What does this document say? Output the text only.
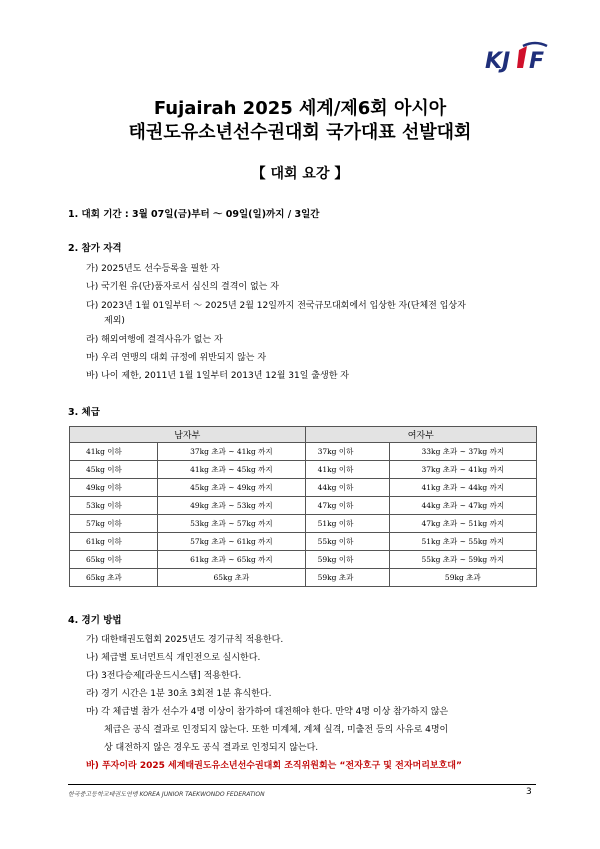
KJ F
Fujairah 2025 세계/제6회 아시아
태권도유소년선수권대회 국가대표 선발대회
【 대회 요강 】
1. 대회 기간 : 3월 07일(금)부터 ～ 09일(일)까지 / 3일간
2. 참가 자격
가) 2025년도 선수등록을 필한 자
나) 국기원 유(단)품자로서 심신의 결격이 없는 자
다) 2023년 1월 01일부터 ～ 2025년 2월 12일까지 전국규모대회에서 입상한 자(단체전 입상자
제외)
라) 해외여행에 결격사유가 없는 자
마) 우리 연맹의 대회 규정에 위반되지 않는 자
바) 나이 제한, 2011년 1월 1일부터 2013년 12월 31일 출생한 자
3. 체급
남자부		여자부	
41kg 이하	37kg 초과 ~ 41kg 까지	37kg 이하	33kg 초과 ~ 37kg 까지
45kg 이하	41kg 초과 ~ 45kg 까지	41kg 이하	37kg 초과 ~ 41kg 까지
49kg 이하	45kg 초과 ~ 49kg 까지	44kg 이하	41kg 초과 ~ 44kg 까지
53kg 이하	49kg 초과 ~ 53kg 까지	47kg 이하	44kg 초과 ~ 47kg 까지
57kg 이하	53kg 초과 ~ 57kg 까지	51kg 이하	47kg 초과 ~ 51kg 까지
61kg 이하	57kg 초과 ~ 61kg 까지	55kg 이하	51kg 초과 ~ 55kg 까지
65kg 이하	61kg 초과 ~ 65kg 까지	59kg 이하	55kg 초과 ~ 59kg 까지
65kg 초과	65kg 초과	59kg 초과	59kg 초과
4. 경기 방법
가) 대한태권도협회 2025년도 경기규칙 적용한다.
나) 체급별 토너먼트식 개인전으로 실시한다.
다) 3전다승제[라운드시스템] 적용한다.
라) 경기 시간은 1분 30초 3회전 1분 휴식한다.
마) 각 체급별 참가 선수가 4명 이상이 참가하여 대전해야 한다. 만약 4명 이상 참가하지 않은
체급은 공식 결과로 인정되지 않는다. 또한 미계체, 계체 실격, 미출전 등의 사유로 4명이
상 대전하지 않은 경우도 공식 결과로 인정되지 않는다.
바) 푸자이라 2025 세계태권도유소년선수권대회 조직위원회는 “전자호구 및 전자머리보호대”
한국중고등학교태권도연맹 KOREA JUNIOR TAEKWONDO FEDERATION	3
